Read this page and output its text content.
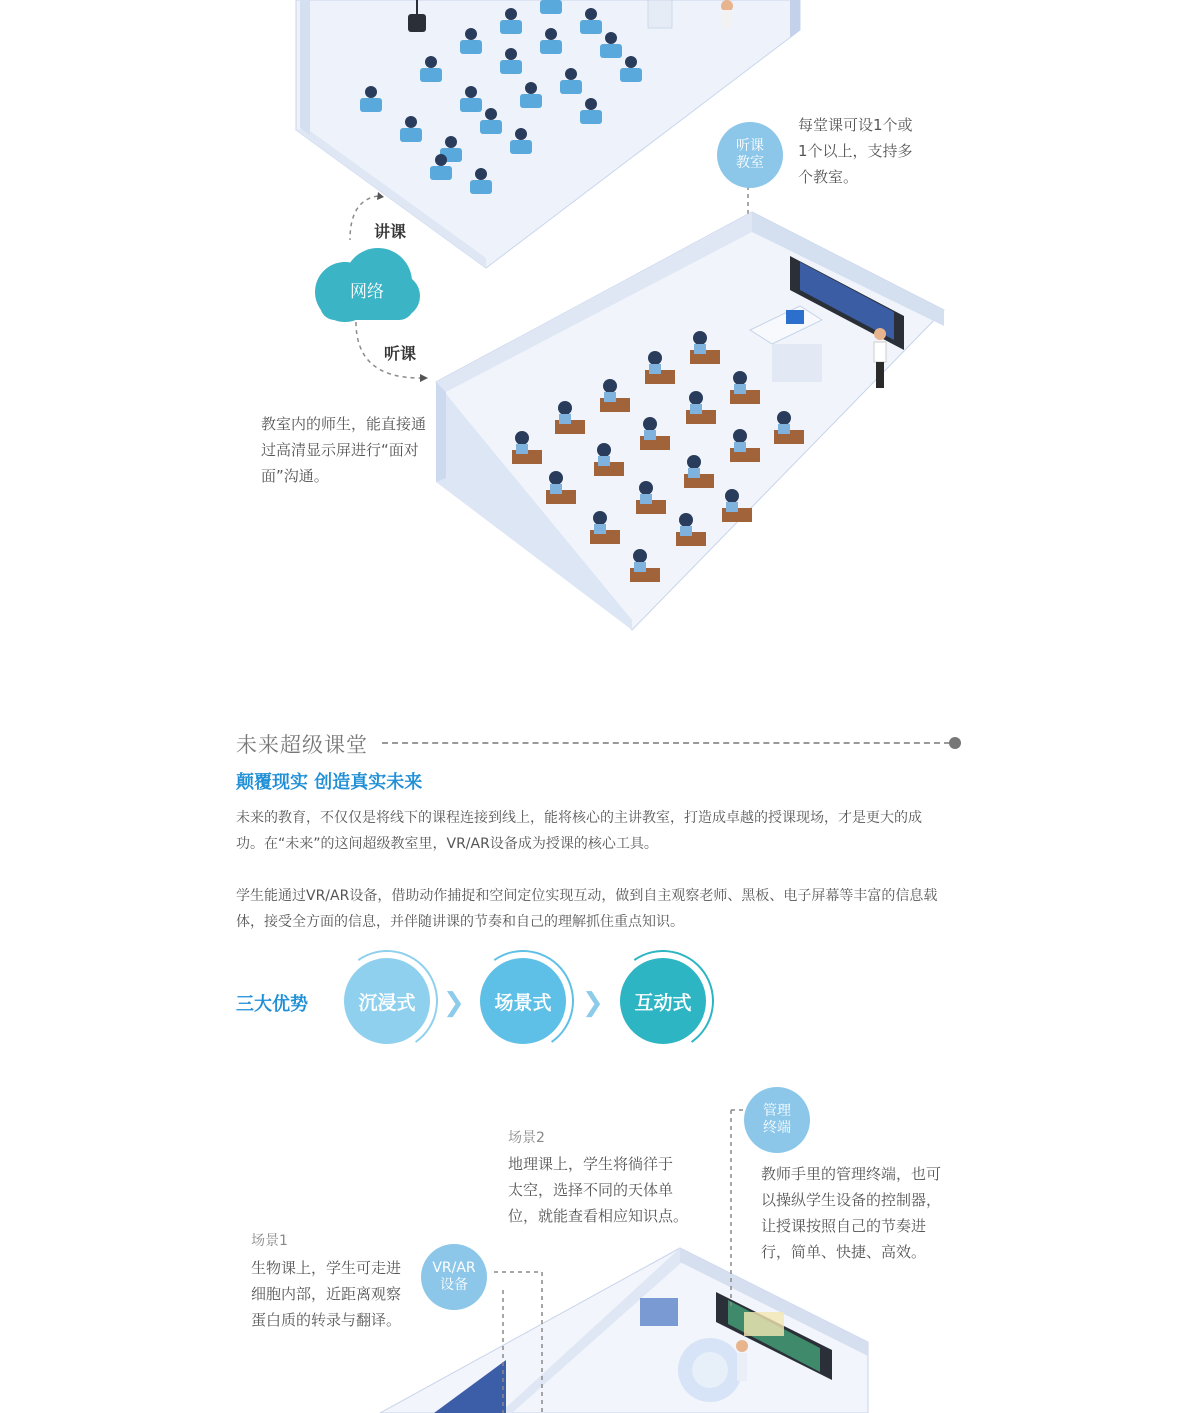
听课
教室
每堂课可设1个或
1个以上，支持多
个教室。
讲课
网络
听课
教室内的师生，能直接通
过高清显示屏进行“面对
面”沟通。
未来超级课堂
颠覆现实 创造真实未来
未来的教育，不仅仅是将线下的课程连接到线上，能将核心的主讲教室，打造成卓越的授课现场，才是更大的成
功。在“未来”的这间超级教室里，VR/AR设备成为授课的核心工具。
学生能通过VR/AR设备，借助动作捕捉和空间定位实现互动，做到自主观察老师、黑板、电子屏幕等丰富的信息载
体，接受全方面的信息，并伴随讲课的节奏和自己的理解抓住重点知识。
三大优势	沉浸式 ❯ 场景式 ❯ 互动式
场景2
地理课上，学生将徜徉于
太空，选择不同的天体单
位，就能查看相应知识点。
场景1
生物课上，学生可走进
细胞内部，近距离观察
蛋白质的转录与翻译。
管理
终端
教师手里的管理终端，也可
以操纵学生设备的控制器，
让授课按照自己的节奏进
行，简单、快捷、高效。
VR/AR
设备
